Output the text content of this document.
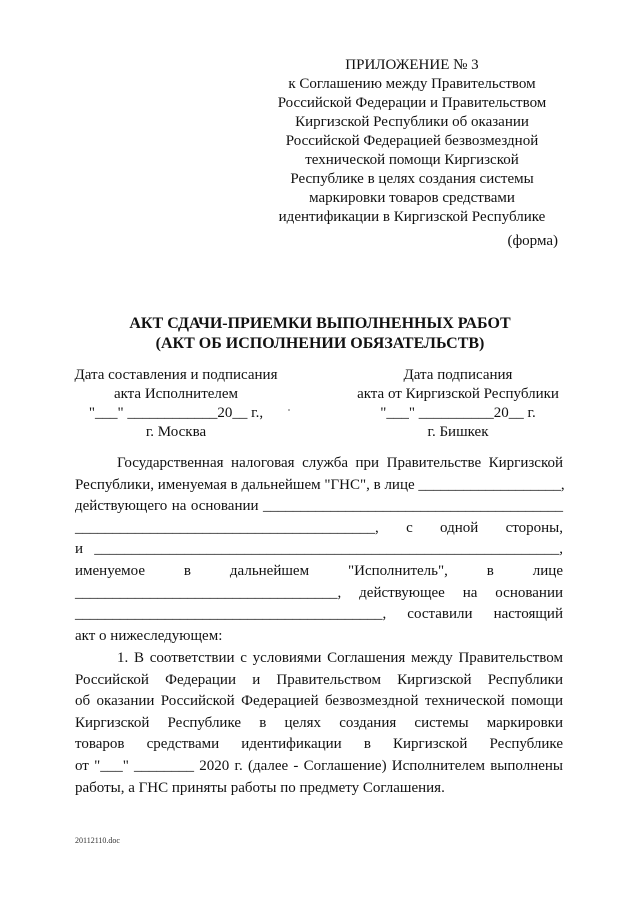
ПРИЛОЖЕНИЕ № 3
к Соглашению между Правительством
Российской Федерации и Правительством
Киргизской Республики об оказании
Российской Федерацией безвозмездной
технической помощи Киргизской
Республике в целях создания системы
маркировки товаров средствами
идентификации в Киргизской Республике
(форма)
АКТ СДАЧИ-ПРИЕМКИ ВЫПОЛНЕННЫХ РАБОТ
(АКТ ОБ ИСПОЛНЕНИИ ОБЯЗАТЕЛЬСТВ)
Дата составления и подписания
акта Исполнителем
"___" ____________20__ г.,
г. Москва
Дата подписания
акта от Киргизской Республики
"___" __________20__ г.
г. Бишкек
Государственная налоговая служба при Правительстве Киргизской
Республики, именуемая в дальнейшем "ГНС", в лице ___________________,
действующего на основании ________________________________________
________________________________________, с одной стороны,
и ______________________________________________________________,
именуемое в дальнейшем "Исполнитель", в лице
___________________________________, действующее на основании
_________________________________________, составили настоящий
акт о нижеследующем:
1. В соответствии с условиями Соглашения между Правительством
Российской Федерации и Правительством Киргизской Республики
об оказании Российской Федерацией безвозмездной технической помощи
Киргизской Республике в целях создания системы маркировки
товаров средствами идентификации в Киргизской Республике
от "___" ________ 2020 г. (далее - Соглашение) Исполнителем выполнены
работы, а ГНС приняты работы по предмету Соглашения.
20112110.doc
